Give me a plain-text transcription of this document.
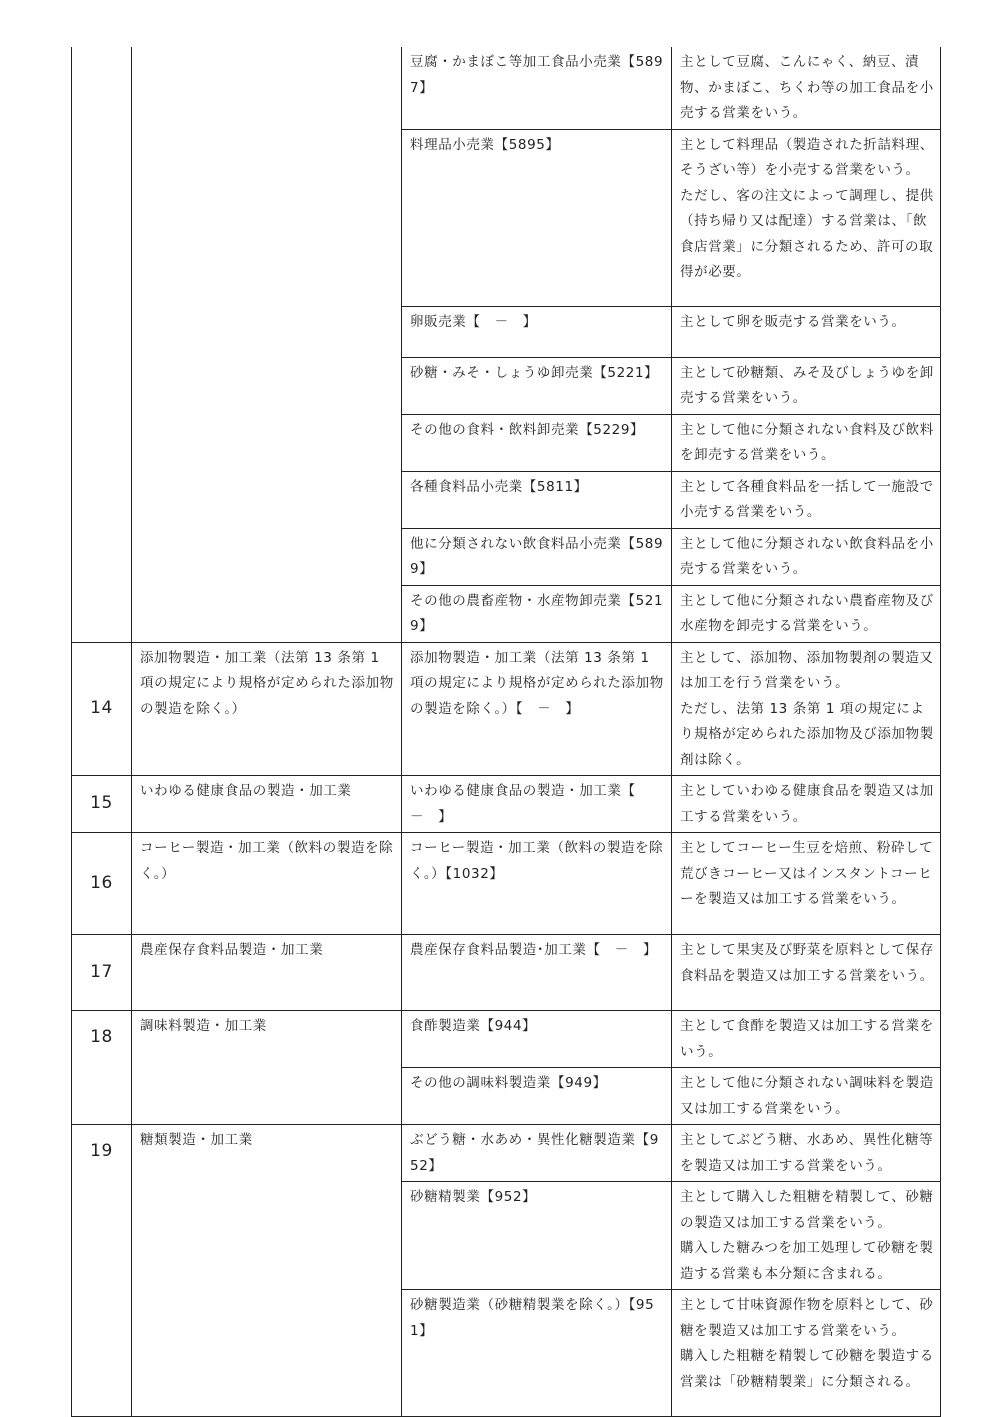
		豆腐・かまぼこ等加工食品小売業【5897】	主として豆腐、こんにゃく、納豆、漬物、かまぼこ、ちくわ等の加工食品を小売する営業をいう。

		料理品小売業【5895】	主として料理品（製造された折詰料理、そうざい等）を小売する営業をいう。

ただし、客の注文によって調理し、提供（持ち帰り又は配達）する営業は、「飲食店営業」に分類されるため、許可の取得が必要。

		卵販売業【　－　】	主として卵を販売する営業をいう。

		砂糖・みそ・しょうゆ卸売業【5221】	主として砂糖類、みそ及びしょうゆを卸売する営業をいう。

		その他の食料・飲料卸売業【5229】	主として他に分類されない食料及び飲料を卸売する営業をいう。

		各種食料品小売業【5811】	主として各種食料品を一括して一施設で小売する営業をいう。

		他に分類されない飲食料品小売業【5899】	主として他に分類されない飲食料品を小売する営業をいう。

		その他の農畜産物・水産物卸売業【5219】	主として他に分類されない農畜産物及び水産物を卸売する営業をいう。

14	添加物製造・加工業（法第 13 条第 1 項の規定により規格が定められた添加物の製造を除く。）	添加物製造・加工業（法第 13 条第 1 項の規定により規格が定められた添加物の製造を除く。）【　－　】	主として、添加物、添加物製剤の製造又は加工を行う営業をいう。

ただし、法第 13 条第 1 項の規定により規格が定められた添加物及び添加物製剤は除く。

15	いわゆる健康食品の製造・加工業	いわゆる健康食品の製造・加工業【　－　】	主としていわゆる健康食品を製造又は加工する営業をいう。

16	コーヒー製造・加工業（飲料の製造を除く。）	コーヒー製造・加工業（飲料の製造を除く。）【1032】	主としてコーヒー生豆を焙煎、粉砕して荒びきコーヒー又はインスタントコーヒーを製造又は加工する営業をいう。

17	農産保存食料品製造・加工業	農産保存食料品製造･加工業【　－　】	主として果実及び野菜を原料として保存食料品を製造又は加工する営業をいう。

18	調味料製造・加工業	食酢製造業【944】	主として食酢を製造又は加工する営業をいう。

		その他の調味料製造業【949】	主として他に分類されない調味料を製造又は加工する営業をいう。

19	糖類製造・加工業	ぶどう糖・水あめ・異性化糖製造業【952】	主としてぶどう糖、水あめ、異性化糖等を製造又は加工する営業をいう。

		砂糖精製業【952】	主として購入した粗糖を精製して、砂糖の製造又は加工する営業をいう。

購入した糖みつを加工処理して砂糖を製造する営業も本分類に含まれる。

		砂糖製造業（砂糖精製業を除く。）【951】	主として甘味資源作物を原料として、砂糖を製造又は加工する営業をいう。

購入した粗糖を精製して砂糖を製造する営業は「砂糖精製業」に分類される。
